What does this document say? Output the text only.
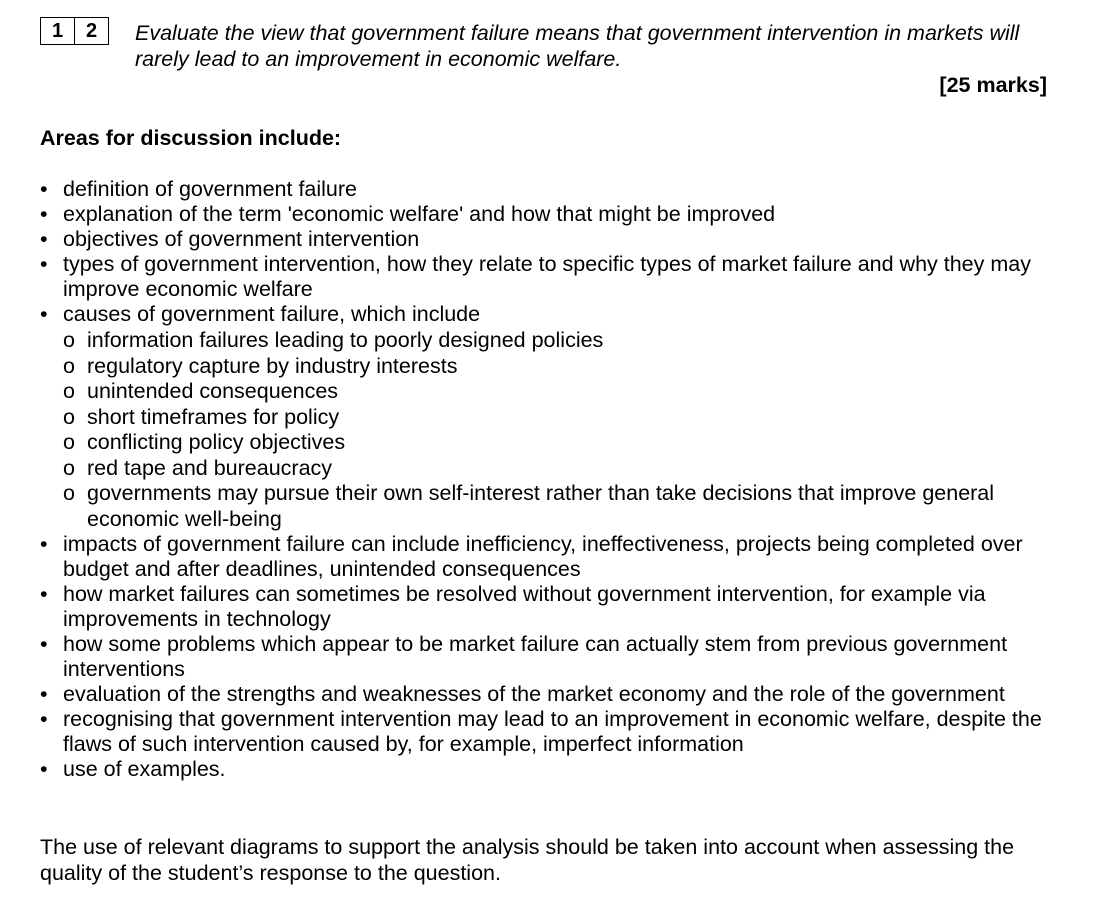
1	2	Evaluate the view that government failure means that government intervention in markets will rarely lead to an improvement in economic welfare.
[25 marks]
Areas for discussion include:
• definition of government failure
• explanation of the term 'economic welfare' and how that might be improved
• objectives of government intervention
• types of government intervention, how they relate to specific types of market failure and why they may improve economic welfare
• causes of government failure, which include
o information failures leading to poorly designed policies
o regulatory capture by industry interests
o unintended consequences
o short timeframes for policy
o conflicting policy objectives
o red tape and bureaucracy
o governments may pursue their own self-interest rather than take decisions that improve general economic well-being
• impacts of government failure can include inefficiency, ineffectiveness, projects being completed over budget and after deadlines, unintended consequences
• how market failures can sometimes be resolved without government intervention, for example via improvements in technology
• how some problems which appear to be market failure can actually stem from previous government interventions
• evaluation of the strengths and weaknesses of the market economy and the role of the government
• recognising that government intervention may lead to an improvement in economic welfare, despite the flaws of such intervention caused by, for example, imperfect information
• use of examples.
The use of relevant diagrams to support the analysis should be taken into account when assessing the quality of the student’s response to the question.
